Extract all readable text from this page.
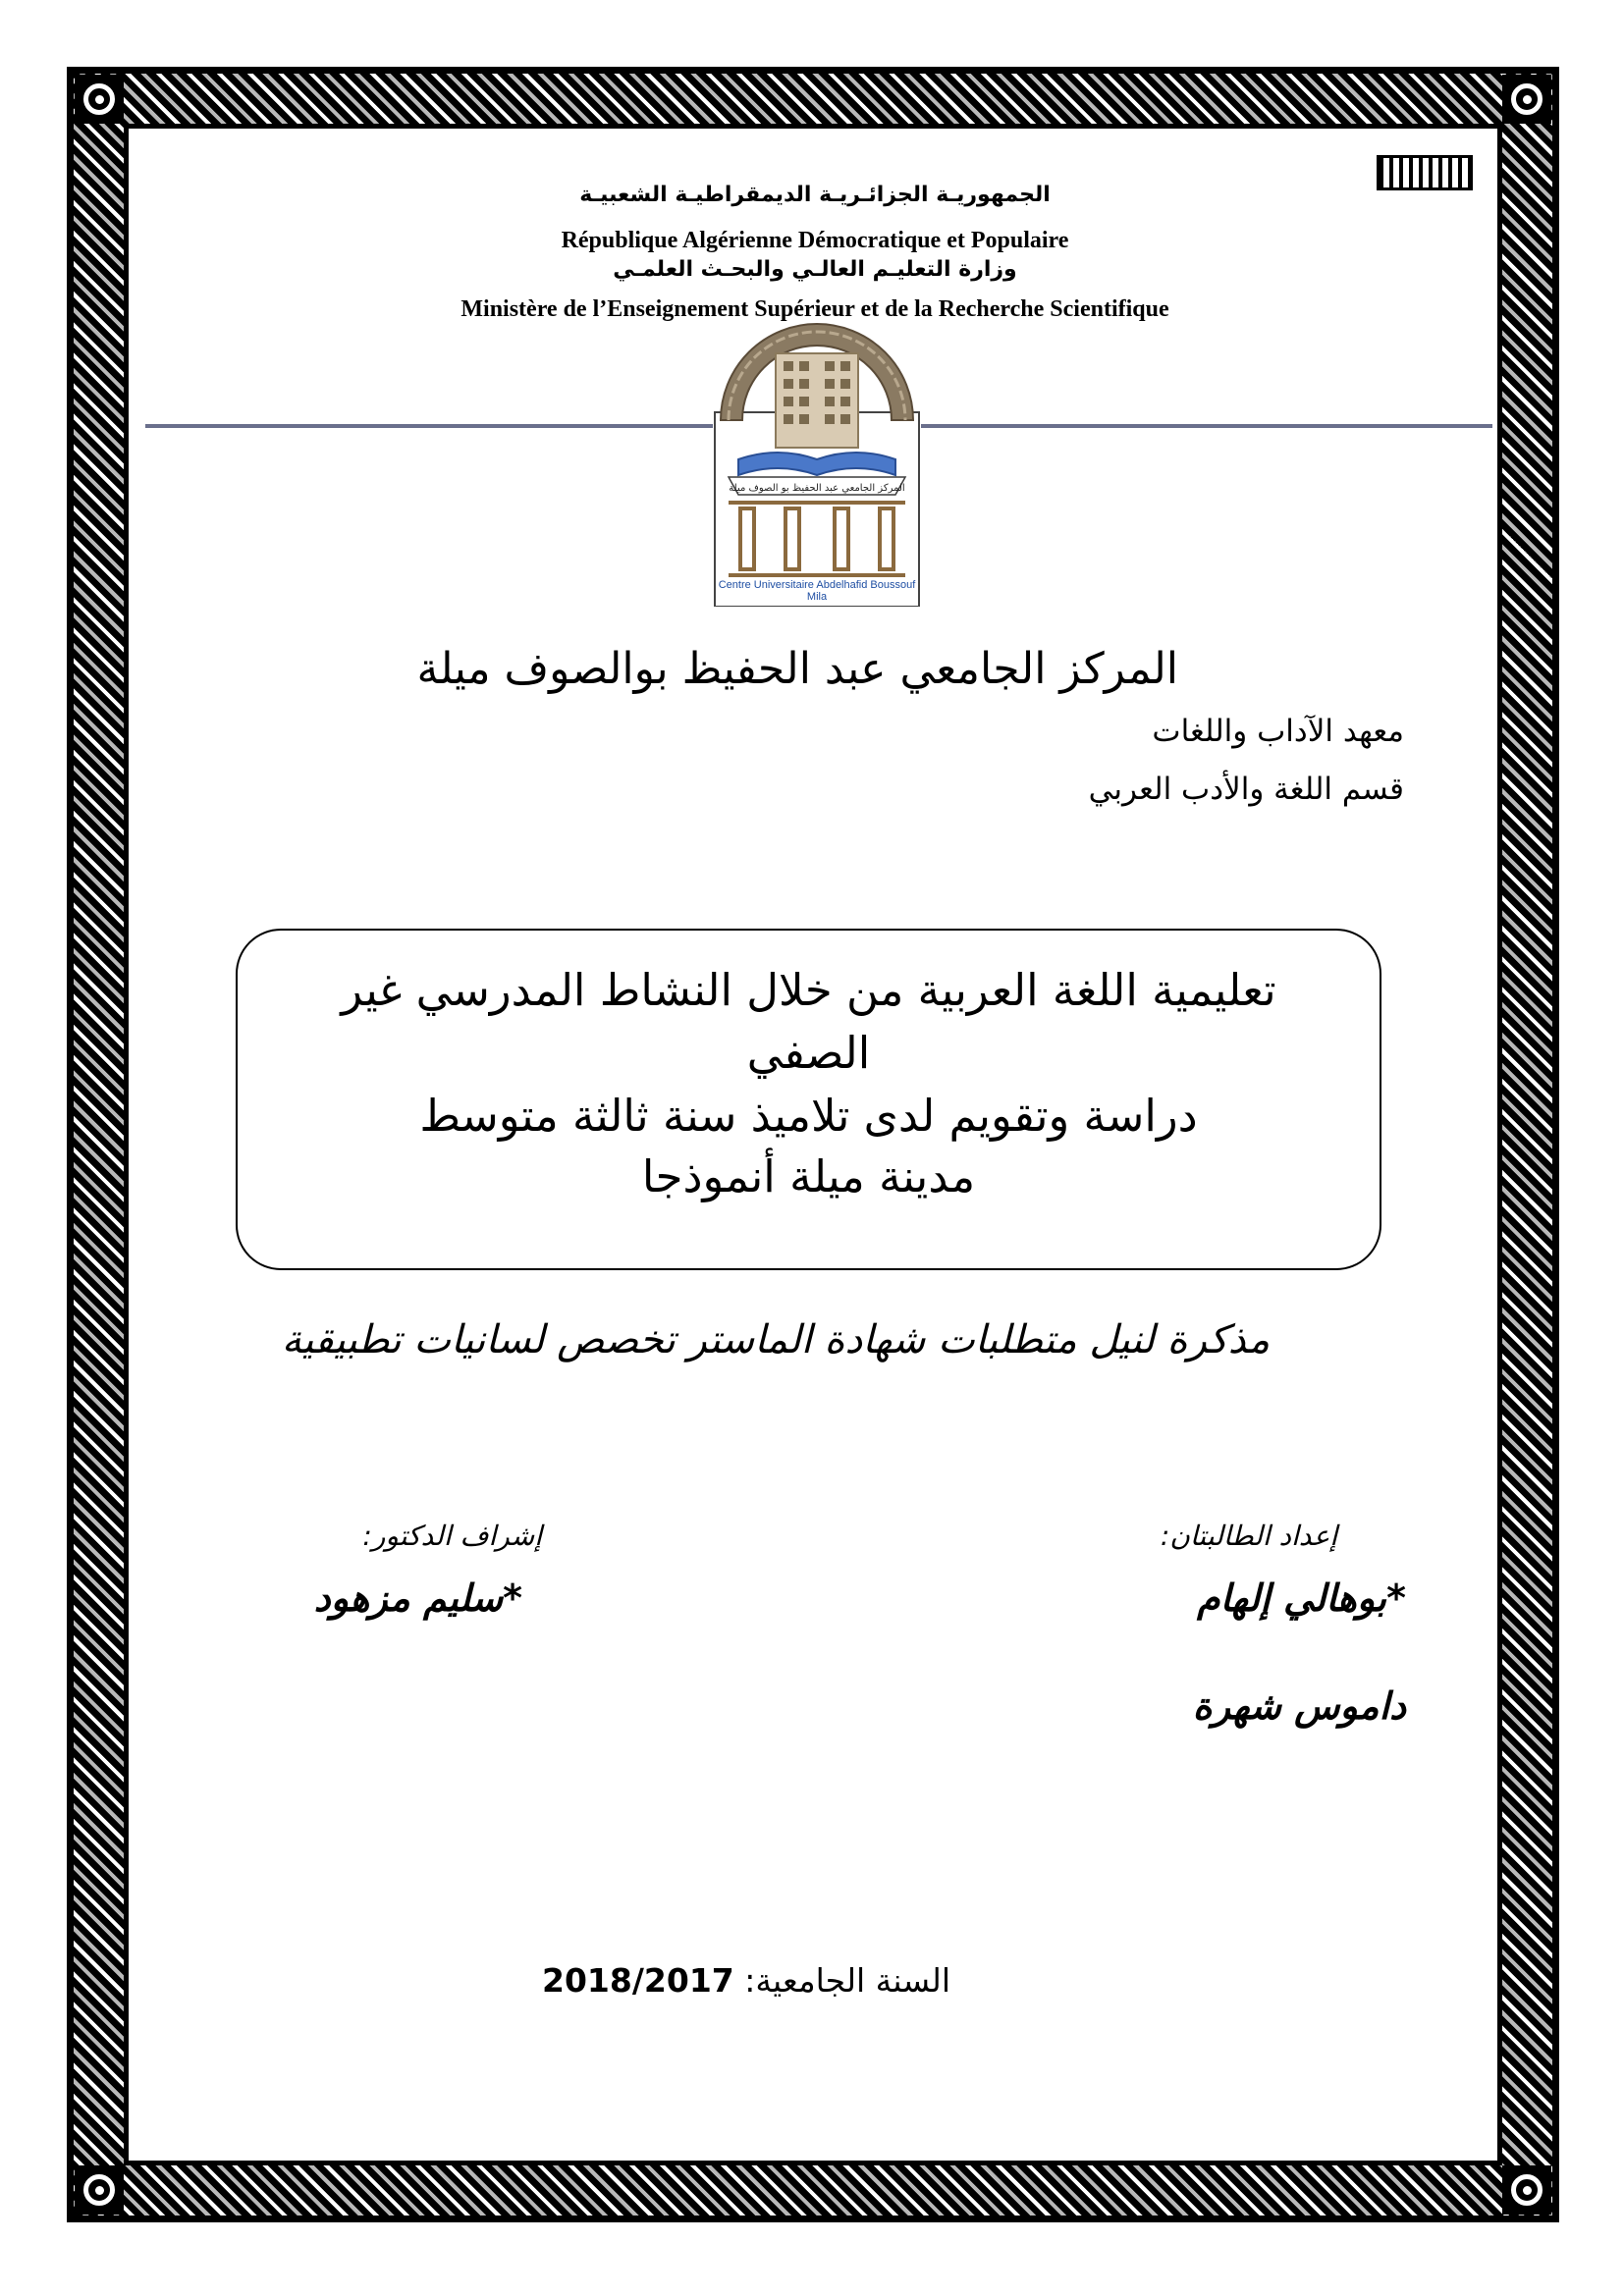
الجمهوريـة الجزائـريـة الديمقراطيـة الشعبيـة
République Algérienne Démocratique et Populaire
وزارة التعليـم العالـي والبحـث العلمـي
Ministère de l’Enseignement Supérieur et de la Recherche Scientifique
المركز الجامعي عبد الحفيظ بو الصوف ميلة
Centre Universitaire Abdelhafid Boussouf Mila
المركز الجامعي عبد الحفيظ بوالصوف ميلة
معهد الآداب واللغات
قسم اللغة والأدب العربي
تعليمية اللغة العربية من خلال النشاط المدرسي غير
الصفي
دراسة وتقويم لدى تلاميذ سنة ثالثة متوسط
مدينة ميلة أنموذجا
مذكرة لنيل متطلبات شهادة الماستر تخصص لسانيات تطبيقية
إعداد الطالبتان:
*بوهالي إلهام
داموس شهرة
إشراف الدكتور:
*سليم مزهود
السنة الجامعية: 2018/2017
